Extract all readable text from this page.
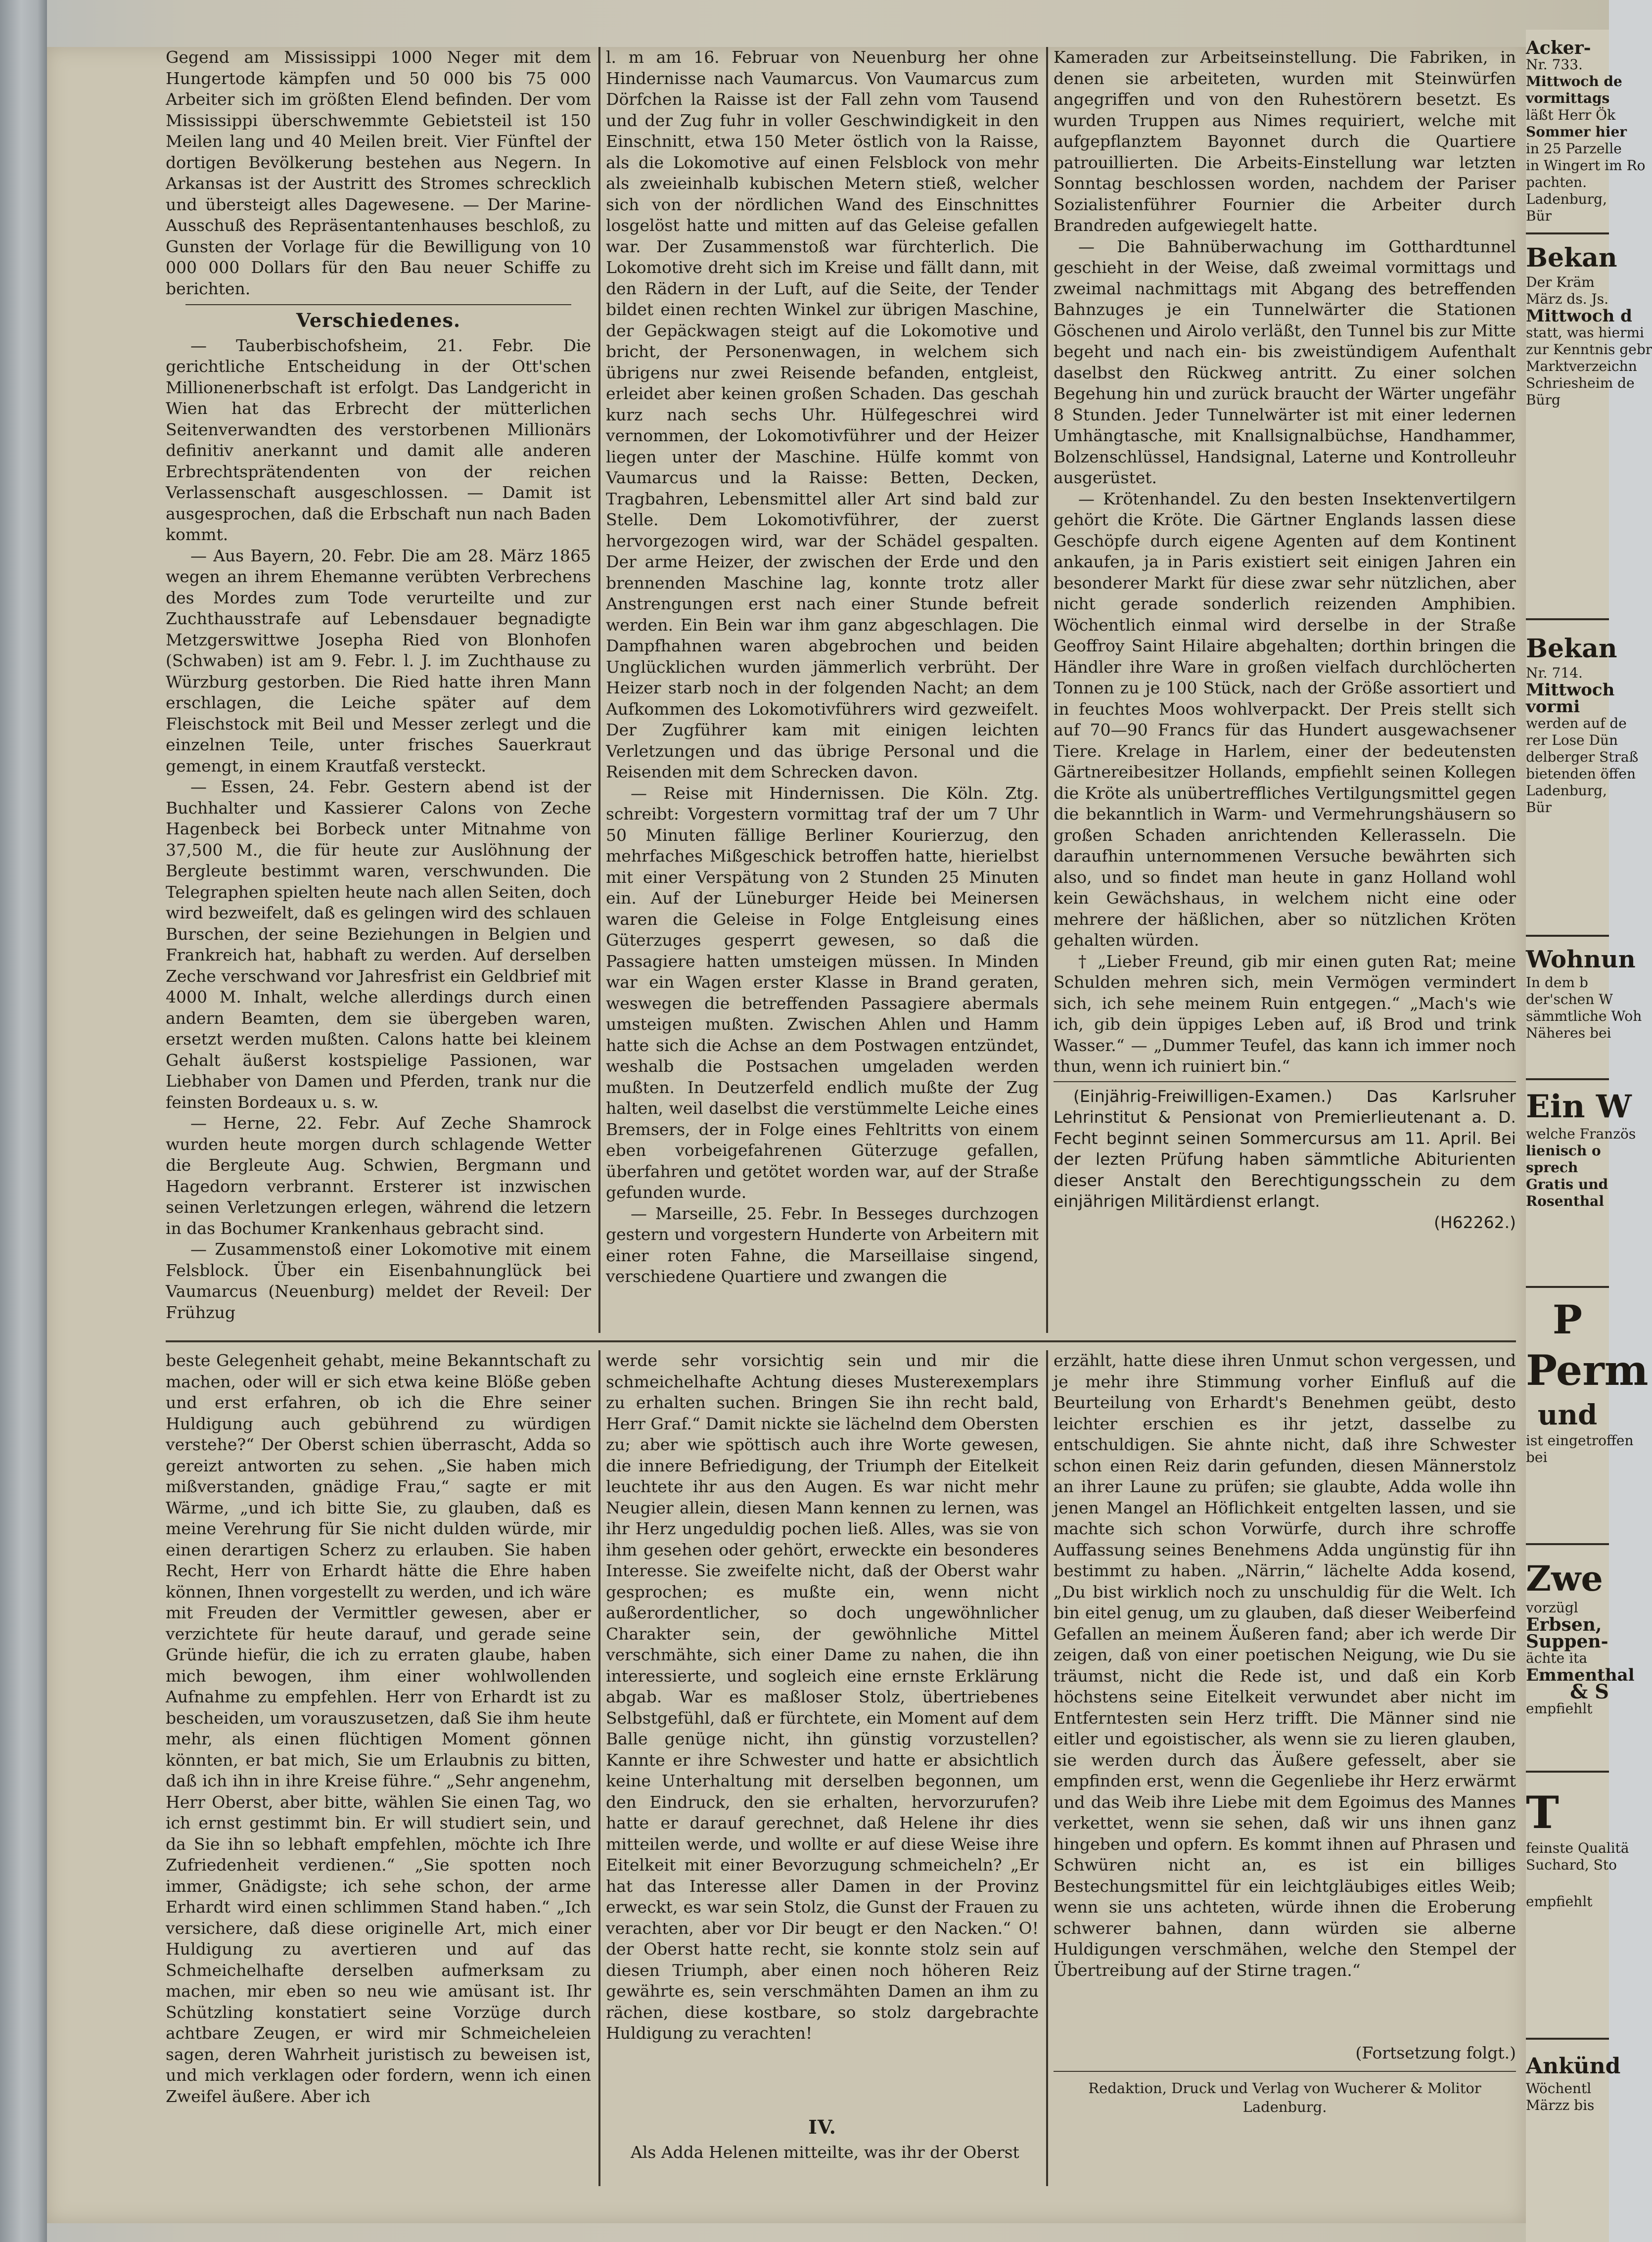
Gegend am Mississippi 1000 Neger mit dem Hungertode kämpfen und 50 000 bis 75 000 Arbeiter sich im größten Elend befinden. Der vom Mississippi überschwemmte Gebietsteil ist 150 Meilen lang und 40 Meilen breit. Vier Fünftel der dortigen Bevölkerung bestehen aus Negern. In Arkansas ist der Austritt des Stromes schrecklich und übersteigt alles Dagewesene. — Der Marine-Ausschuß des Repräsentantenhauses beschloß, zu Gunsten der Vorlage für die Bewilligung von 10 000 000 Dollars für den Bau neuer Schiffe zu berichten.

Verschiedenes.

— Tauberbischofsheim, 21. Febr. Die gerichtliche Entscheidung in der Ott'schen Millionenerbschaft ist erfolgt. Das Landgericht in Wien hat das Erbrecht der mütterlichen Seitenverwandten des verstorbenen Millionärs definitiv anerkannt und damit alle anderen Erbrechtsprätendenten von der reichen Verlassenschaft ausgeschlossen. — Damit ist ausgesprochen, daß die Erbschaft nun nach Baden kommt.

— Aus Bayern, 20. Febr. Die am 28. März 1865 wegen an ihrem Ehemanne verübten Verbrechens des Mordes zum Tode verurteilte und zur Zuchthausstrafe auf Lebensdauer begnadigte Metzgerswittwe Josepha Ried von Blonhofen (Schwaben) ist am 9. Febr. l. J. im Zuchthause zu Würzburg gestorben. Die Ried hatte ihren Mann erschlagen, die Leiche später auf dem Fleischstock mit Beil und Messer zerlegt und die einzelnen Teile, unter frisches Sauerkraut gemengt, in einem Krautfaß versteckt.

— Essen, 24. Febr. Gestern abend ist der Buchhalter und Kassierer Calons von Zeche Hagenbeck bei Borbeck unter Mitnahme von 37,500 M., die für heute zur Auslöhnung der Bergleute bestimmt waren, verschwunden. Die Telegraphen spielten heute nach allen Seiten, doch wird bezweifelt, daß es gelingen wird des schlauen Burschen, der seine Beziehungen in Belgien und Frankreich hat, habhaft zu werden. Auf derselben Zeche verschwand vor Jahresfrist ein Geldbrief mit 4000 M. Inhalt, welche allerdings durch einen andern Beamten, dem sie übergeben waren, ersetzt werden mußten. Calons hatte bei kleinem Gehalt äußerst kostspielige Passionen, war Liebhaber von Damen und Pferden, trank nur die feinsten Bordeaux u. s. w.

— Herne, 22. Febr. Auf Zeche Shamrock wurden heute morgen durch schlagende Wetter die Bergleute Aug. Schwien, Bergmann und Hagedorn verbrannt. Ersterer ist inzwischen seinen Verletzungen erlegen, während die letzern in das Bochumer Krankenhaus gebracht sind.

— Zusammenstoß einer Lokomotive mit einem Felsblock. Über ein Eisenbahnunglück bei Vaumarcus (Neuenburg) meldet der Reveil: Der Frühzug

l. m am 16. Februar von Neuenburg her ohne Hindernisse nach Vaumarcus. Von Vaumarcus zum Dörfchen la Raisse ist der Fall zehn vom Tausend und der Zug fuhr in voller Geschwindigkeit in den Einschnitt, etwa 150 Meter östlich von la Raisse, als die Lokomotive auf einen Felsblock von mehr als zweieinhalb kubischen Metern stieß, welcher sich von der nördlichen Wand des Einschnittes losgelöst hatte und mitten auf das Geleise gefallen war. Der Zusammenstoß war fürchterlich. Die Lokomotive dreht sich im Kreise und fällt dann, mit den Rädern in der Luft, auf die Seite, der Tender bildet einen rechten Winkel zur übrigen Maschine, der Gepäckwagen steigt auf die Lokomotive und bricht, der Personenwagen, in welchem sich übrigens nur zwei Reisende befanden, entgleist, erleidet aber keinen großen Schaden. Das geschah kurz nach sechs Uhr. Hülfegeschrei wird vernommen, der Lokomotivführer und der Heizer liegen unter der Maschine. Hülfe kommt von Vaumarcus und la Raisse: Betten, Decken, Tragbahren, Lebensmittel aller Art sind bald zur Stelle. Dem Lokomotivführer, der zuerst hervorgezogen wird, war der Schädel gespalten. Der arme Heizer, der zwischen der Erde und den brennenden Maschine lag, konnte trotz aller Anstrengungen erst nach einer Stunde befreit werden. Ein Bein war ihm ganz abgeschlagen. Die Dampfhahnen waren abgebrochen und beiden Unglücklichen wurden jämmerlich verbrüht. Der Heizer starb noch in der folgenden Nacht; an dem Aufkommen des Lokomotivführers wird gezweifelt. Der Zugführer kam mit einigen leichten Verletzungen und das übrige Personal und die Reisenden mit dem Schrecken davon.

— Reise mit Hindernissen. Die Köln. Ztg. schreibt: Vorgestern vormittag traf der um 7 Uhr 50 Minuten fällige Berliner Kourierzug, den mehrfaches Mißgeschick betroffen hatte, hierielbst mit einer Verspätung von 2 Stunden 25 Minuten ein. Auf der Lüneburger Heide bei Meinersen waren die Geleise in Folge Entgleisung eines Güterzuges gesperrt gewesen, so daß die Passagiere hatten umsteigen müssen. In Minden war ein Wagen erster Klasse in Brand geraten, weswegen die betreffenden Passagiere abermals umsteigen mußten. Zwischen Ahlen und Hamm hatte sich die Achse an dem Postwagen entzündet, weshalb die Postsachen umgeladen werden mußten. In Deutzerfeld endlich mußte der Zug halten, weil daselbst die verstümmelte Leiche eines Bremsers, der in Folge eines Fehltritts von einem eben vorbeigefahrenen Güterzuge gefallen, überfahren und getötet worden war, auf der Straße gefunden wurde.

— Marseille, 25. Febr. In Besseges durchzogen gestern und vorgestern Hunderte von Arbeitern mit einer roten Fahne, die Marseillaise singend, verschiedene Quartiere und zwangen die

Kameraden zur Arbeitseinstellung. Die Fabriken, in denen sie arbeiteten, wurden mit Steinwürfen angegriffen und von den Ruhestörern besetzt. Es wurden Truppen aus Nimes requiriert, welche mit aufgepflanztem Bayonnet durch die Quartiere patrouillierten. Die Arbeits-Einstellung war letzten Sonntag beschlossen worden, nachdem der Pariser Sozialistenführer Fournier die Arbeiter durch Brandreden aufgewiegelt hatte.

— Die Bahnüberwachung im Gotthardtunnel geschieht in der Weise, daß zweimal vormittags und zweimal nachmittags mit Abgang des betreffenden Bahnzuges je ein Tunnelwärter die Stationen Göschenen und Airolo verläßt, den Tunnel bis zur Mitte begeht und nach ein- bis zweistündigem Aufenthalt daselbst den Rückweg antritt. Zu einer solchen Begehung hin und zurück braucht der Wärter ungefähr 8 Stunden. Jeder Tunnelwärter ist mit einer ledernen Umhängtasche, mit Knallsignalbüchse, Handhammer, Bolzenschlüssel, Handsignal, Laterne und Kontrolleuhr ausgerüstet.

— Krötenhandel. Zu den besten Insektenvertilgern gehört die Kröte. Die Gärtner Englands lassen diese Geschöpfe durch eigene Agenten auf dem Kontinent ankaufen, ja in Paris existiert seit einigen Jahren ein besonderer Markt für diese zwar sehr nützlichen, aber nicht gerade sonderlich reizenden Amphibien. Wöchentlich einmal wird derselbe in der Straße Geoffroy Saint Hilaire abgehalten; dorthin bringen die Händler ihre Ware in großen vielfach durchlöcherten Tonnen zu je 100 Stück, nach der Größe assortiert und in feuchtes Moos wohlverpackt. Der Preis stellt sich auf 70—90 Francs für das Hundert ausgewachsener Tiere. Krelage in Harlem, einer der bedeutensten Gärtnereibesitzer Hollands, empfiehlt seinen Kollegen die Kröte als unübertreffliches Vertilgungsmittel gegen die bekanntlich in Warm- und Vermehrungshäusern so großen Schaden anrichtenden Kellerasseln. Die daraufhin unternommenen Versuche bewährten sich also, und so findet man heute in ganz Holland wohl kein Gewächshaus, in welchem nicht eine oder mehrere der häßlichen, aber so nützlichen Kröten gehalten würden.

† „Lieber Freund, gib mir einen guten Rat; meine Schulden mehren sich, mein Vermögen vermindert sich, ich sehe meinem Ruin entgegen.“ „Mach's wie ich, gib dein üppiges Leben auf, iß Brod und trink Wasser.“ — „Dummer Teufel, das kann ich immer noch thun, wenn ich ruiniert bin.“

(Einjährig-Freiwilligen-Examen.) Das Karlsruher Lehrinstitut & Pensionat von Premierlieutenant a. D. Fecht beginnt seinen Sommercursus am 11. April. Bei der lezten Prüfung haben sämmtliche Abiturienten dieser Anstalt den Berechtigungsschein zu dem einjährigen Militärdienst erlangt.

(H62262.)

beste Gelegenheit gehabt, meine Bekanntschaft zu machen, oder will er sich etwa keine Blöße geben und erst erfahren, ob ich die Ehre seiner Huldigung auch gebührend zu würdigen verstehe?“ Der Oberst schien überrascht, Adda so gereizt antworten zu sehen. „Sie haben mich mißverstanden, gnädige Frau,“ sagte er mit Wärme, „und ich bitte Sie, zu glauben, daß es meine Verehrung für Sie nicht dulden würde, mir einen derartigen Scherz zu erlauben. Sie haben Recht, Herr von Erhardt hätte die Ehre haben können, Ihnen vorgestellt zu werden, und ich wäre mit Freuden der Vermittler gewesen, aber er verzichtete für heute darauf, und gerade seine Gründe hiefür, die ich zu erraten glaube, haben mich bewogen, ihm einer wohlwollenden Aufnahme zu empfehlen. Herr von Erhardt ist zu bescheiden, um vorauszusetzen, daß Sie ihm heute mehr, als einen flüchtigen Moment gönnen könnten, er bat mich, Sie um Erlaubnis zu bitten, daß ich ihn in ihre Kreise führe.“ „Sehr angenehm, Herr Oberst, aber bitte, wählen Sie einen Tag, wo ich ernst gestimmt bin. Er will studiert sein, und da Sie ihn so lebhaft empfehlen, möchte ich Ihre Zufriedenheit verdienen.“ „Sie spotten noch immer, Gnädigste; ich sehe schon, der arme Erhardt wird einen schlimmen Stand haben.“ „Ich versichere, daß diese originelle Art, mich einer Huldigung zu avertieren und auf das Schmeichelhafte derselben aufmerksam zu machen, mir eben so neu wie amüsant ist. Ihr Schützling konstatiert seine Vorzüge durch achtbare Zeugen, er wird mir Schmeicheleien sagen, deren Wahrheit juristisch zu beweisen ist, und mich verklagen oder fordern, wenn ich einen Zweifel äußere. Aber ich

werde sehr vorsichtig sein und mir die schmeichelhafte Achtung dieses Musterexemplars zu erhalten suchen. Bringen Sie ihn recht bald, Herr Graf.“ Damit nickte sie lächelnd dem Obersten zu; aber wie spöttisch auch ihre Worte gewesen, die innere Befriedigung, der Triumph der Eitelkeit leuchtete ihr aus den Augen. Es war nicht mehr Neugier allein, diesen Mann kennen zu lernen, was ihr Herz ungeduldig pochen ließ. Alles, was sie von ihm gesehen oder gehört, erweckte ein besonderes Interesse. Sie zweifelte nicht, daß der Oberst wahr gesprochen; es mußte ein, wenn nicht außerordentlicher, so doch ungewöhnlicher Charakter sein, der gewöhnliche Mittel verschmähte, sich einer Dame zu nahen, die ihn interessierte, und sogleich eine ernste Erklärung abgab. War es maßloser Stolz, übertriebenes Selbstgefühl, daß er fürchtete, ein Moment auf dem Balle genüge nicht, ihn günstig vorzustellen? Kannte er ihre Schwester und hatte er absichtlich keine Unterhaltung mit derselben begonnen, um den Eindruck, den sie erhalten, hervorzurufen? hatte er darauf gerechnet, daß Helene ihr dies mitteilen werde, und wollte er auf diese Weise ihre Eitelkeit mit einer Bevorzugung schmeicheln? „Er hat das Interesse aller Damen in der Provinz erweckt, es war sein Stolz, die Gunst der Frauen zu verachten, aber vor Dir beugt er den Nacken.“ O! der Oberst hatte recht, sie konnte stolz sein auf diesen Triumph, aber einen noch höheren Reiz gewährte es, sein verschmähten Damen an ihm zu rächen, diese kostbare, so stolz dargebrachte Huldigung zu verachten!

IV.

Als Adda Helenen mitteilte, was ihr der Oberst

erzählt, hatte diese ihren Unmut schon vergessen, und je mehr ihre Stimmung vorher Einfluß auf die Beurteilung von Erhardt's Benehmen geübt, desto leichter erschien es ihr jetzt, dasselbe zu entschuldigen. Sie ahnte nicht, daß ihre Schwester schon einen Reiz darin gefunden, diesen Männerstolz an ihrer Laune zu prüfen; sie glaubte, Adda wolle ihn jenen Mangel an Höflichkeit entgelten lassen, und sie machte sich schon Vorwürfe, durch ihre schroffe Auffassung seines Benehmens Adda ungünstig für ihn bestimmt zu haben. „Närrin,“ lächelte Adda kosend, „Du bist wirklich noch zu unschuldig für die Welt. Ich bin eitel genug, um zu glauben, daß dieser Weiberfeind Gefallen an meinem Äußeren fand; aber ich werde Dir zeigen, daß von einer poetischen Neigung, wie Du sie träumst, nicht die Rede ist, und daß ein Korb höchstens seine Eitelkeit verwundet aber nicht im Entferntesten sein Herz trifft. Die Männer sind nie eitler und egoistischer, als wenn sie zu lieren glauben, sie werden durch das Äußere gefesselt, aber sie empfinden erst, wenn die Gegenliebe ihr Herz erwärmt und das Weib ihre Liebe mit dem Egoimus des Mannes verkettet, wenn sie sehen, daß wir uns ihnen ganz hingeben und opfern. Es kommt ihnen auf Phrasen und Schwüren nicht an, es ist ein billiges Bestechungsmittel für ein leichtgläubiges eitles Weib; wenn sie uns achteten, würde ihnen die Eroberung schwerer bahnen, dann würden sie alberne Huldigungen verschmähen, welche den Stempel der Übertreibung auf der Stirne tragen.“

(Fortsetzung folgt.)

Redaktion, Druck und Verlag von Wucherer & Molitor

Ladenburg.

Acker-
Nr. 733.
Mittwoch de
vormittags
läßt Herr Ök
Sommer hier
in 25 Parzelle
in Wingert im Ro
pachten.
Ladenburg,
Bür
Bekan
Der Kräm
März ds. Js.
Mittwoch d
statt, was hiermi
zur Kenntnis gebr
Marktverzeichn
Schriesheim de
Bürg
Bekan
Nr. 714.
Mittwoch
vormi
werden auf de
rer Lose Dün
delberger Straß
bietenden öffen
Ladenburg,
Bür
Wohnun
In dem b
der'schen W
sämmtliche Woh
Näheres bei
Ein W
welche Französ
lienisch o
sprech
Gratis und
Rosenthal
P
Perm
und
ist eingetroffen
bei
Zwe
vorzügl
Erbsen,
Suppen-
ächte ita
Emmenthal
& S
empfiehlt
T
feinste Qualitä
Suchard, Sto
empfiehlt
Ankünd
Wöchentl
Märzz bis
